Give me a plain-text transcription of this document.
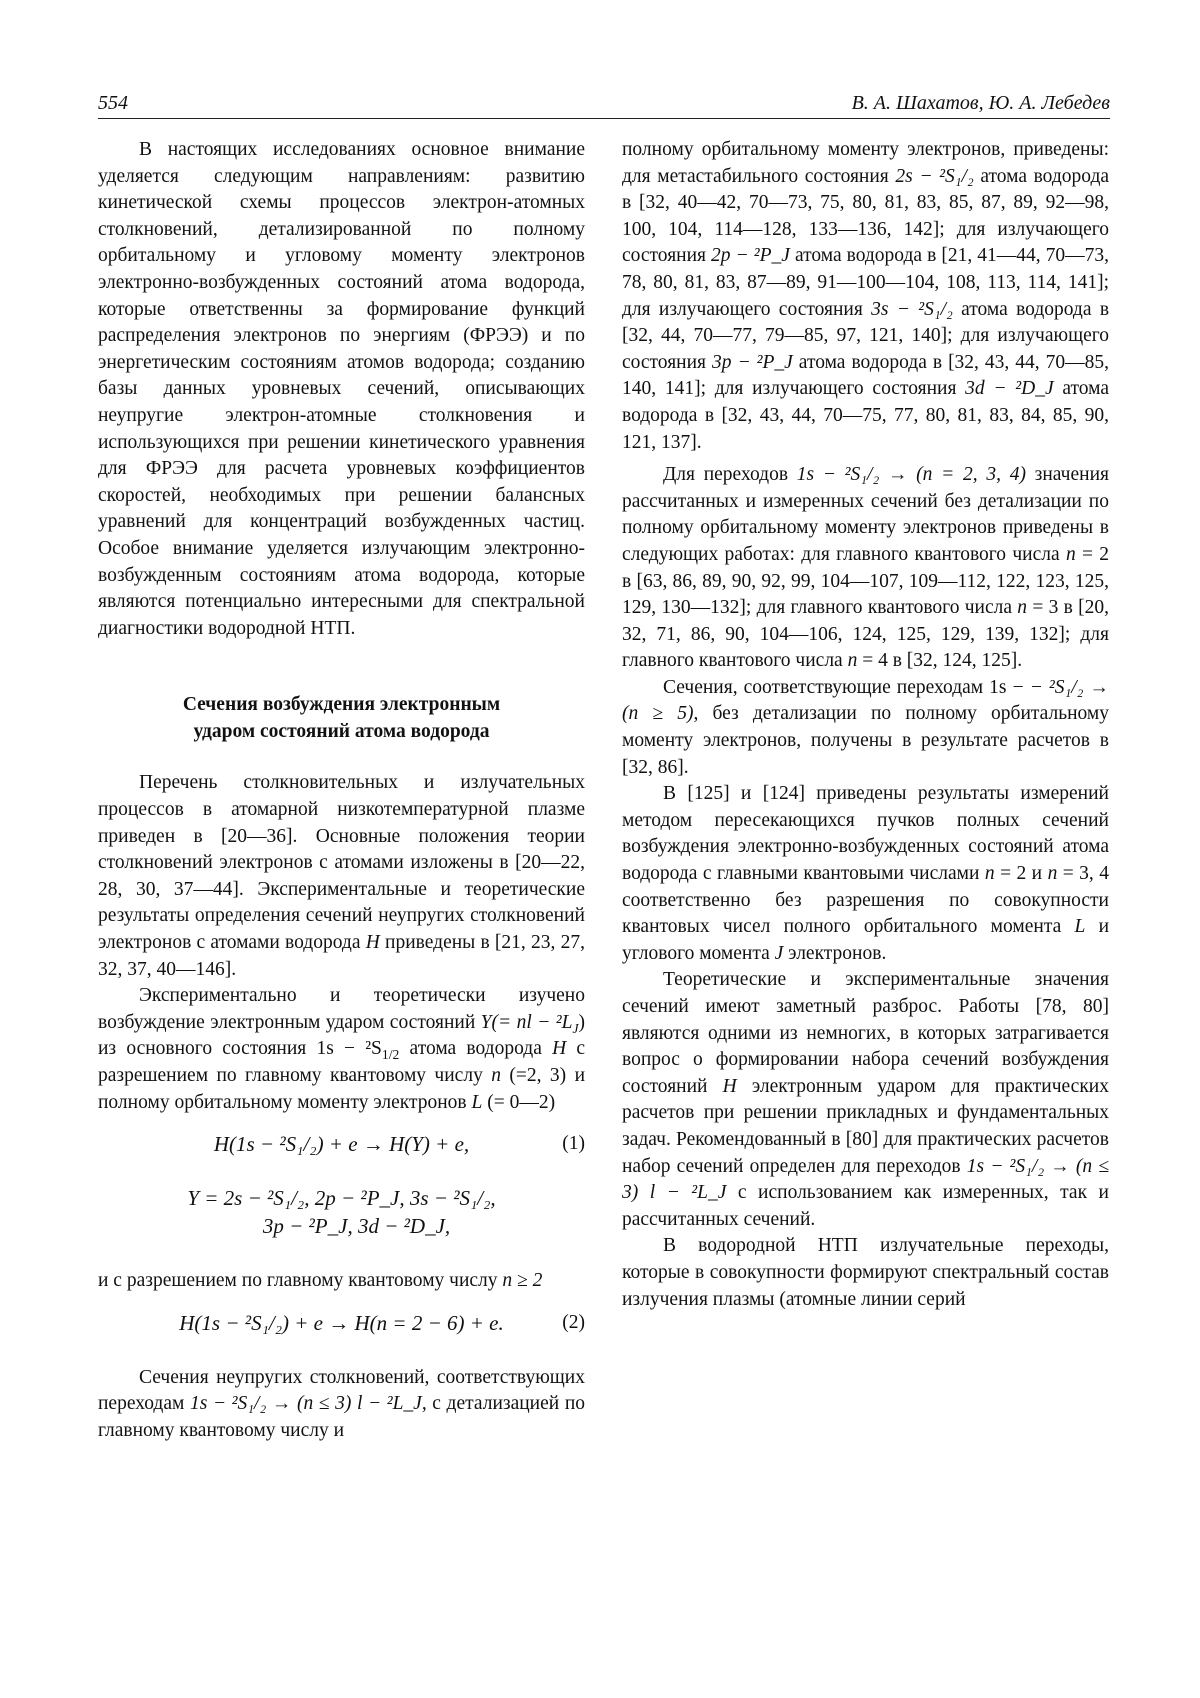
554	В. А. Шахатов, Ю. А. Лебедев

В настоящих исследованиях основное внимание уделяется следующим направлениям: развитию кинетической схемы процессов электрон-атомных столкновений, детализированной по полному орбитальному и угловому моменту электронов электронно-возбужденных состояний атома водорода, которые ответственны за формирование функций распределения электронов по энергиям (ФРЭЭ) и по энергетическим состояниям атомов водорода; созданию базы данных уровневых сечений, описывающих неупругие электрон-атомные столкновения и использующихся при решении кинетического уравнения для ФРЭЭ для расчета уровневых коэффициентов скоростей, необходимых при решении балансных уравнений для концентраций возбужденных частиц. Особое внимание уделяется излучающим электронно-возбужденным состояниям атома водорода, которые являются потенциально интересными для спектральной диагностики водородной НТП.

Сечения возбуждения электронным
ударом состояний атома водорода

Перечень столкновительных и излучательных процессов в атомарной низкотемпературной плазме приведен в [20—36]. Основные положения теории столкновений электронов с атомами изложены в [20—22, 28, 30, 37—44]. Экспериментальные и теоретические результаты определения сечений неупругих столкновений электронов с атомами водорода H приведены в [21, 23, 27, 32, 37, 40—146].

Экспериментально и теоретически изучено возбуждение электронным ударом состояний Y(= nl − $^2L_J$) из основного состояния $1s - ^2S_{1/2}$ атома водорода H с разрешением по главному квантовому числу n (=2, 3) и полному орбитальному моменту электронов L (= 0—2)

H(1s − ²S₁/₂) + e → H(Y) + e,	(1)
Y = 2s − ²S₁/₂, 2p − ²P_J, 3s − ²S₁/₂,
3p − ²P_J, 3d − ²D_J,

и с разрешением по главному квантовому числу n ≥ 2

H(1s − ²S₁/₂) + e → H(n = 2 − 6) + e.	(2)

Сечения неупругих столкновений, соответствующих переходам 1s − ²S₁/₂ → (n ≤ 3) l − ²L_J, с детализацией по главному квантовому числу и

полному орбитальному моменту электронов, приведены: для метастабильного состояния 2s − ²S₁/₂ атома водорода в [32, 40—42, 70—73, 75, 80, 81, 83, 85, 87, 89, 92—98, 100, 104, 114—128, 133—136, 142]; для излучающего состояния 2p − ²P_J атома водорода в [21, 41—44, 70—73, 78, 80, 81, 83, 87—89, 91—100—104, 108, 113, 114, 141]; для излучающего состояния 3s − ²S₁/₂ атома водорода в [32, 44, 70—77, 79—85, 97, 121, 140]; для излучающего состояния 3p − ²P_J атома водорода в [32, 43, 44, 70—85, 140, 141]; для излучающего состояния 3d − ²D_J атома водорода в [32, 43, 44, 70—75, 77, 80, 81, 83, 84, 85, 90, 121, 137].

Для переходов 1s − ²S₁/₂ → (n = 2, 3, 4) значения рассчитанных и измеренных сечений без детализации по полному орбитальному моменту электронов приведены в следующих работах: для главного квантового числа n = 2 в [63, 86, 89, 90, 92, 99, 104—107, 109—112, 122, 123, 125, 129, 130—132]; для главного квантового числа n = 3 в [20, 32, 71, 86, 90, 104—106, 124, 125, 129, 139, 132]; для главного квантового числа n = 4 в [32, 124, 125].

Сечения, соответствующие переходам 1s − − ²S₁/₂ → (n ≥ 5), без детализации по полному орбитальному моменту электронов, получены в результате расчетов в [32, 86].

В [125] и [124] приведены результаты измерений методом пересекающихся пучков полных сечений возбуждения электронно-возбужденных состояний атома водорода с главными квантовыми числами n = 2 и n = 3, 4 соответственно без разрешения по совокупности квантовых чисел полного орбитального момента L и углового момента J электронов.

Теоретические и экспериментальные значения сечений имеют заметный разброс. Работы [78, 80] являются одними из немногих, в которых затрагивается вопрос о формировании набора сечений возбуждения состояний H электронным ударом для практических расчетов при решении прикладных и фундаментальных задач. Рекомендованный в [80] для практических расчетов набор сечений определен для переходов 1s − ²S₁/₂ → (n ≤ 3) l − ²L_J с использованием как измеренных, так и рассчитанных сечений.

В водородной НТП излучательные переходы, которые в совокупности формируют спектральный состав излучения плазмы (атомные линии серий
